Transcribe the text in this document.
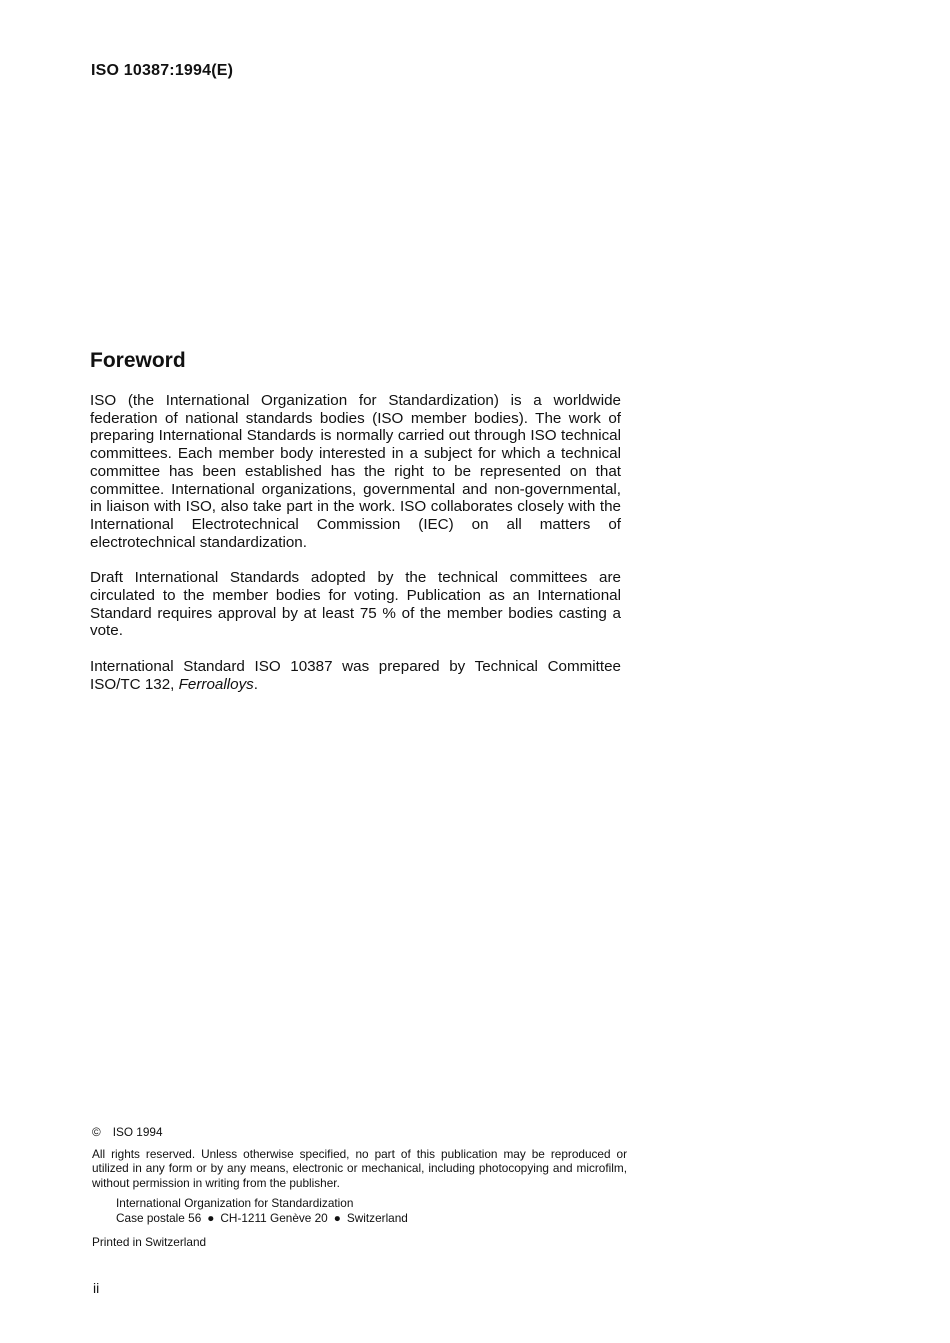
ISO 10387:1994(E)
Foreword

ISO (the International Organization for Standardization) is a worldwide federation of national standards bodies (ISO member bodies). The work of preparing International Standards is normally carried out through ISO technical committees. Each member body interested in a subject for which a technical committee has been established has the right to be represented on that committee. International organizations, governmental and non-governmental, in liaison with ISO, also take part in the work. ISO collaborates closely with the International Electrotechnical Commission (IEC) on all matters of electrotechnical standardization.

Draft International Standards adopted by the technical committees are circulated to the member bodies for voting. Publication as an International Standard requires approval by at least 75 % of the member bodies casting a vote.

International Standard ISO 10387 was prepared by Technical Committee ISO/TC 132, Ferroalloys.

© ISO 1994

All rights reserved. Unless otherwise specified, no part of this publication may be reproduced or utilized in any form or by any means, electronic or mechanical, including photocopying and microfilm, without permission in writing from the publisher.

International Organization for Standardization
Case postale 56 ● CH-1211 Genève 20 ● Switzerland

Printed in Switzerland

ii
